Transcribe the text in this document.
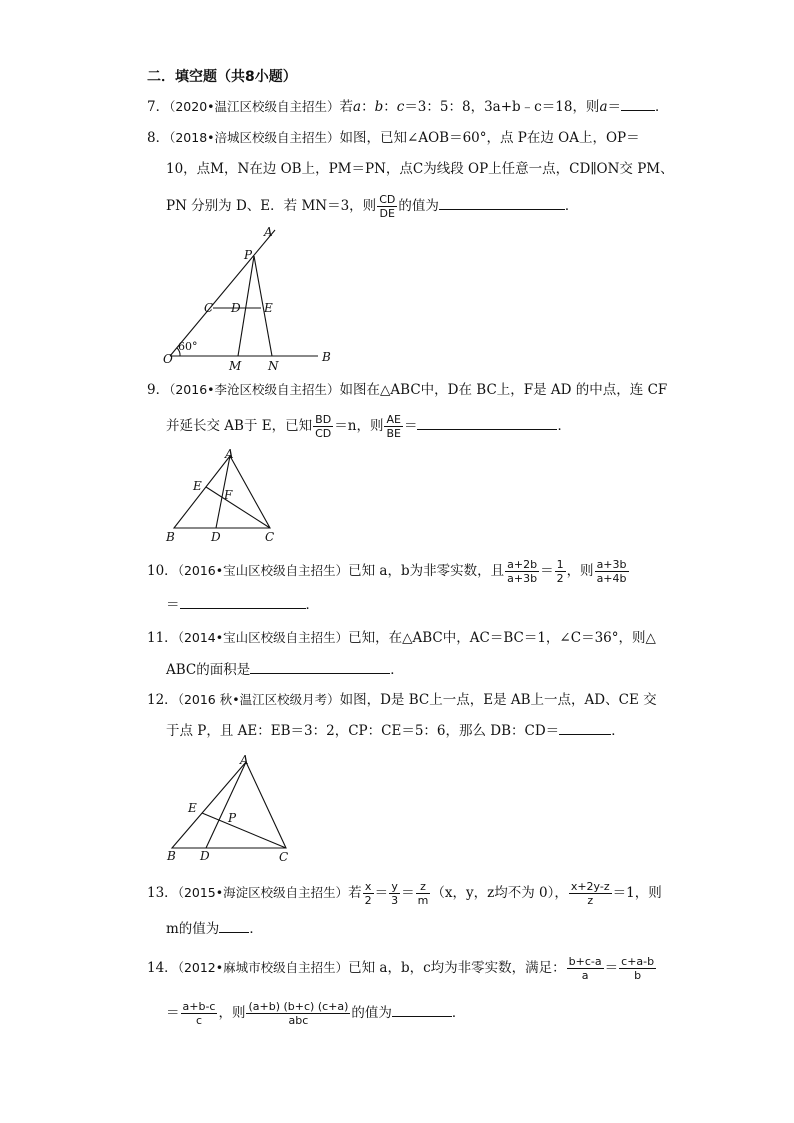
二．填空题（共8小题）
7．（2020•温江区校级自主招生）若a：b：c＝3：5：8，3a+b﹣c＝18，则a＝	．
8．（2018•涪城区校级自主招生）如图，已知∠AOB＝60°，点 P在边 OA上，OP＝
10，点M，N在边 OB上，PM＝PN，点C为线段 OP上任意一点，CD∥ON交 PM、
PN 分别为 D、E．若 MN＝3，则 $\frac{CD}{DE}$ 的值为	．
A
P
C D E
O
60°
M N
B
9．（2016•李沧区校级自主招生）如图在△ABC中，D在 BC上，F是 AD 的中点，连 CF
并延长交 AB于 E，已知 $\frac{BD}{CD} =n$，则 $\frac{AE}{BE}$ ＝	．
A
E
F
B	D	C
10．（2016•宝山区校级自主招生）已知 a，b为非零实数，且 $\frac{a+2b}{a+3b} = \frac{1}{2}$ ，则 $\frac{a+3b}{a+4b}$
＝	．
11．（2014•宝山区校级自主招生）已知，在△ABC中，AC＝BC＝1，∠C＝36°，则△
ABC的面积是	．
12．（2016 秋•温江区校级月考）如图，D是 BC上一点，E是 AB上一点，AD、CE 交
于点 P，且 AE：EB＝3：2，CP：CE＝5：6，那么 DB：CD＝	．
A
E
P
B D	C
13．（2015•海淀区校级自主招生）若 $\frac{x}{2} = \frac{y}{3} = \frac{z}{m} (x$，y，z均不为 0）， $\frac{x+2y-z}{z} =1$，则
m的值为 ．
14．（2012•麻城市校级自主招生）已知 a，b，c均为非零实数，满足： $\frac{b+c-a}{a} = \frac{c+a-b}{b}$
＝ $\frac{a+b-c}{c}$ ，则 $\frac{(a+b) (b+c) (c+a)}{\text{abc}}$ 的值为	．
